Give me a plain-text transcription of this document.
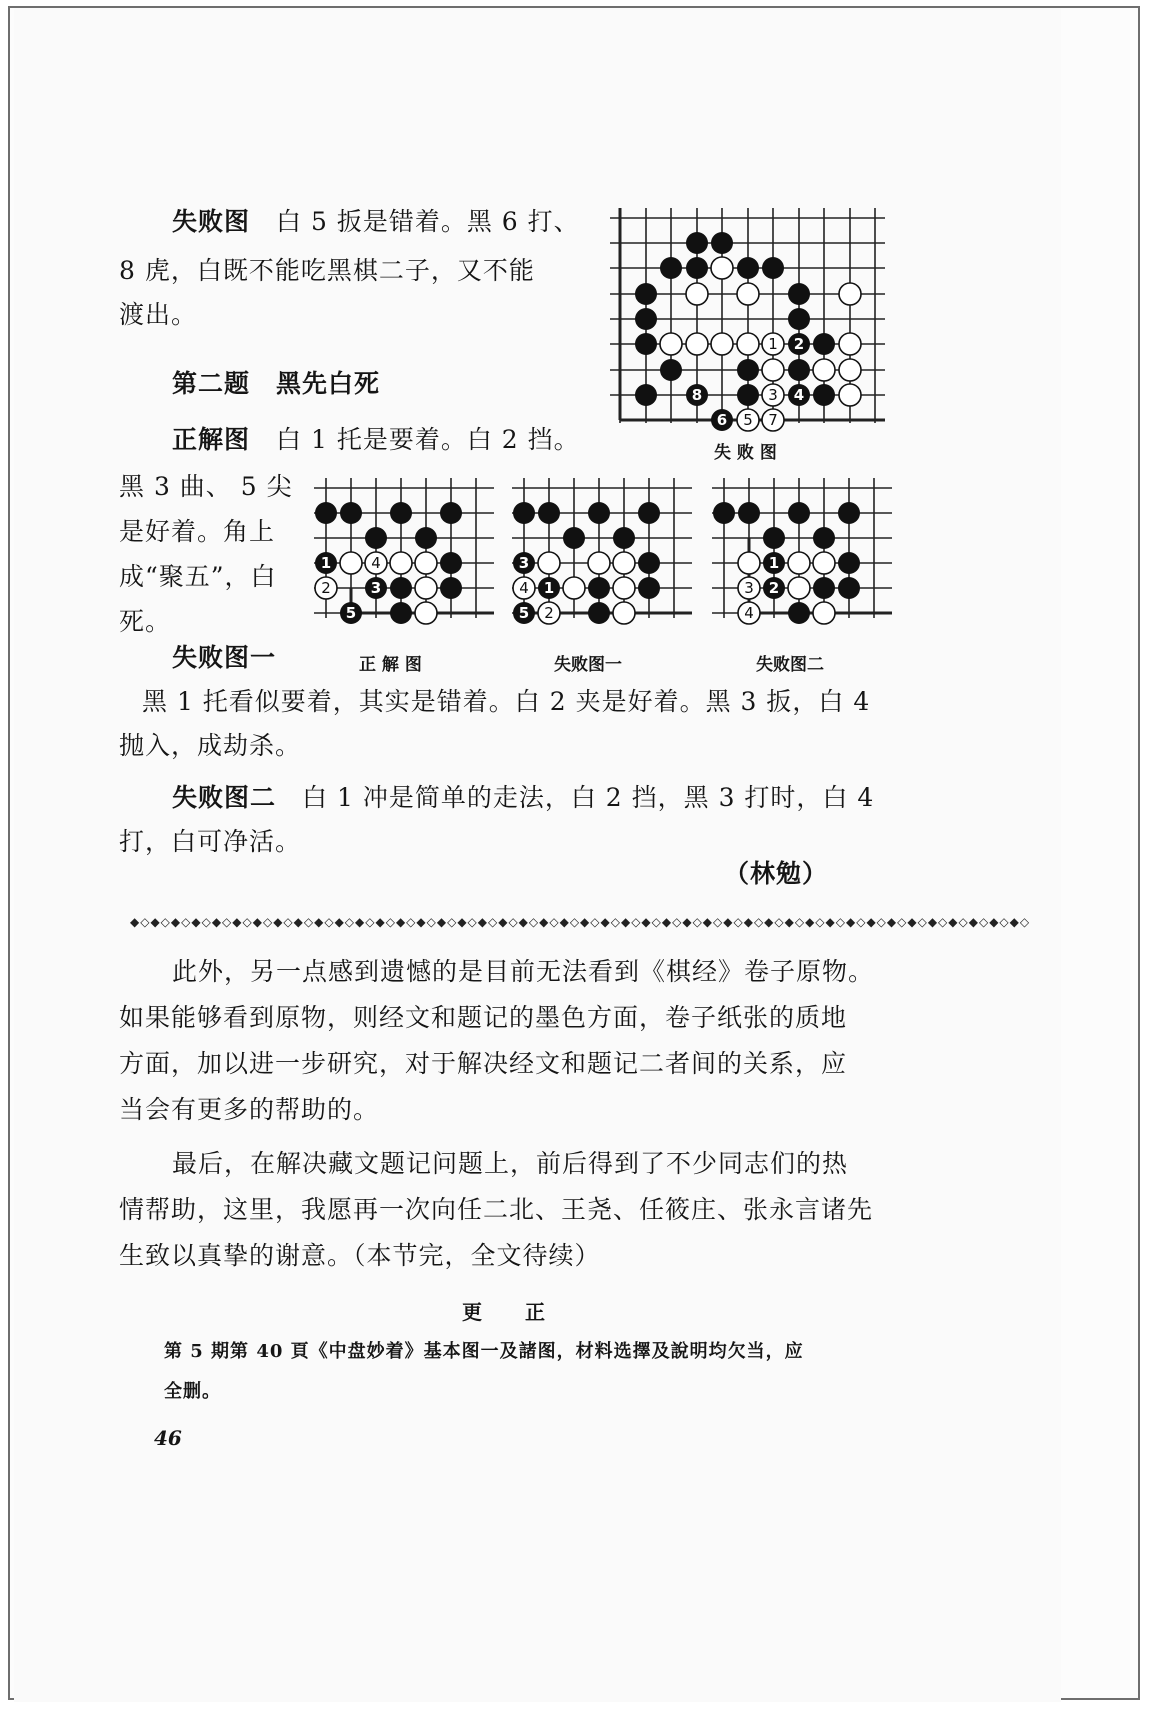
失败图　 白 5 扳是错着。黑 6 打、
8 虎，白既不能吃黑棋二子，又不能
渡出。
第二题　黑先白死
正解图　 白 1 托是要着。白 2 挡。
黑 3 曲、 5 尖
是好着。角上
成“聚五”，白
死。
失败图一
黑 1 托看似要着，其实是错着。白 2 夹是好着。黑 3 扳，白 4
抛入，成劫杀。
失败图二　 白 1 冲是简单的走法，白 2 挡，黑 3 打时，白 4
打，白可净活。
（林勉）
1 2
8	3 4
6 5 7
失 败 图
1	4
2	3
5
正 解 图
3
4 1
5 2
失败图一
1
3 2
4
失败图二
◆◇◆◇◆◇◆◇◆◇◆◇◆◇◆◇◆◇◆◇◆◇◆◇◆◇◆◇◆◇◆◇◆◇◆◇◆◇◆◇◆◇◆◇◆◇◆◇◆◇◆◇◆◇◆◇◆◇◆◇◆◇◆◇◆◇◆◇◆◇◆◇◆◇◆◇◆◇◆◇◆◇◆◇◆◇◆◇
此外，另一点感到遗憾的是目前无法看到《棋经》卷子原物。
如果能够看到原物，则经文和题记的墨色方面，卷子纸张的质地
方面，加以进一步研究，对于解决经文和题记二者间的关系，应
当会有更多的帮助的。
最后，在解决藏文题记问题上，前后得到了不少同志们的热
情帮助，这里，我愿再一次向任二北、王尧、任筱庄、张永言诸先
生致以真挚的谢意。（本节完，全文待续）
更　　正
第 5 期第 40 頁《中盘妙着》基本图一及諸图，材料选擇及說明均欠当，应
全删。
46
